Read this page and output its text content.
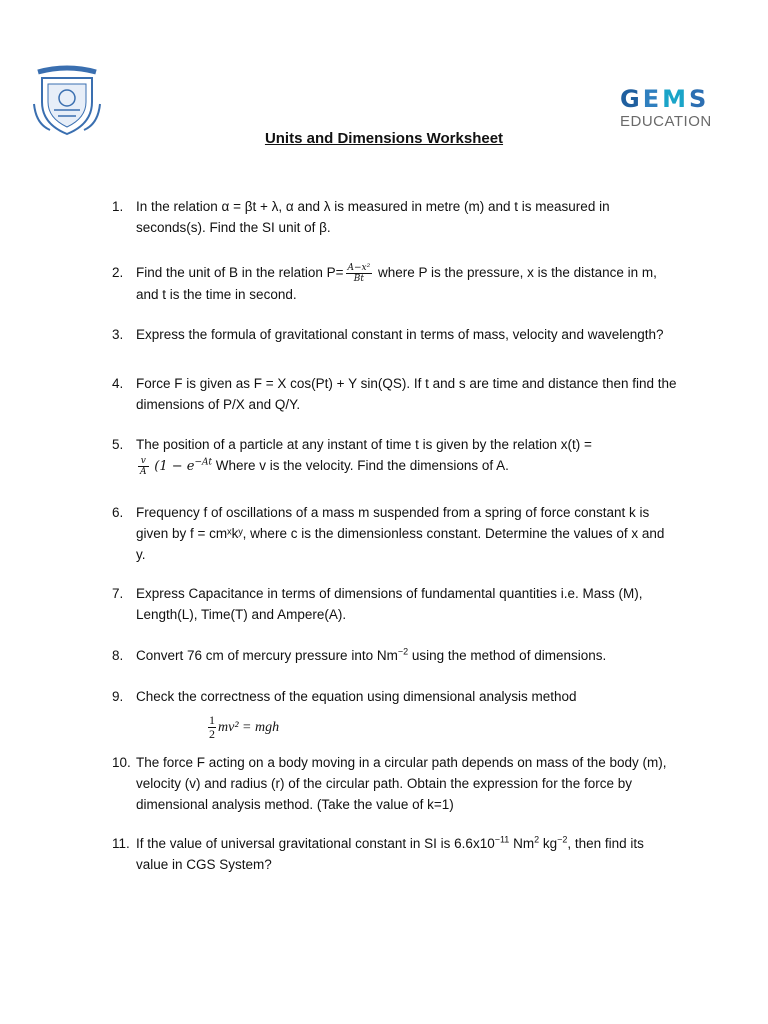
G E M S
EDUCATION
Units and Dimensions Worksheet
1. In the relation α = βt + λ, α and λ is measured in metre (m) and t is measured in
seconds(s). Find the SI unit of β.
2. Find the unit of B in the relation $P= \frac{\text{A−x²}}{Bt}$ where P is the pressure, x is the distance in m,
and t is the time in second.
3. Express the formula of gravitational constant in terms of mass, velocity and wavelength?
4. Force F is given as F = X cos(Pt) + Y sin(QS). If t and s are time and distance then find the
dimensions of P/X and Q/Y.
5. The position of a particle at any instant of time t is given by the relation x(t) =
$\frac{v}{A} (1 - e^{-At}$ Where v is the velocity. Find the dimensions of A.
6. Frequency f of oscillations of a mass m suspended from a spring of force constant k is
given by f = cmˣkʸ, where c is the dimensionless constant. Determine the values of x and
y.
7. Express Capacitance in terms of dimensions of fundamental quantities i.e. Mass (M),
Length(L), Time(T) and Ampere(A).
8. Convert 76 cm of mercury pressure into $Nm^{-2}$ using the method of dimensions.
9. Check the correctness of the equation using dimensional analysis method
1
2 mv² = mgh
10. The force F acting on a body moving in a circular path depends on mass of the body (m),
velocity (v) and radius (r) of the circular path. Obtain the expression for the force by
dimensional analysis method. (Take the value of k=1)
11. If the value of universal gravitational constant in SI is $6.6x10^{-11}$ Nm$^2$ $kg^{-2}$, then find its
value in CGS System?
